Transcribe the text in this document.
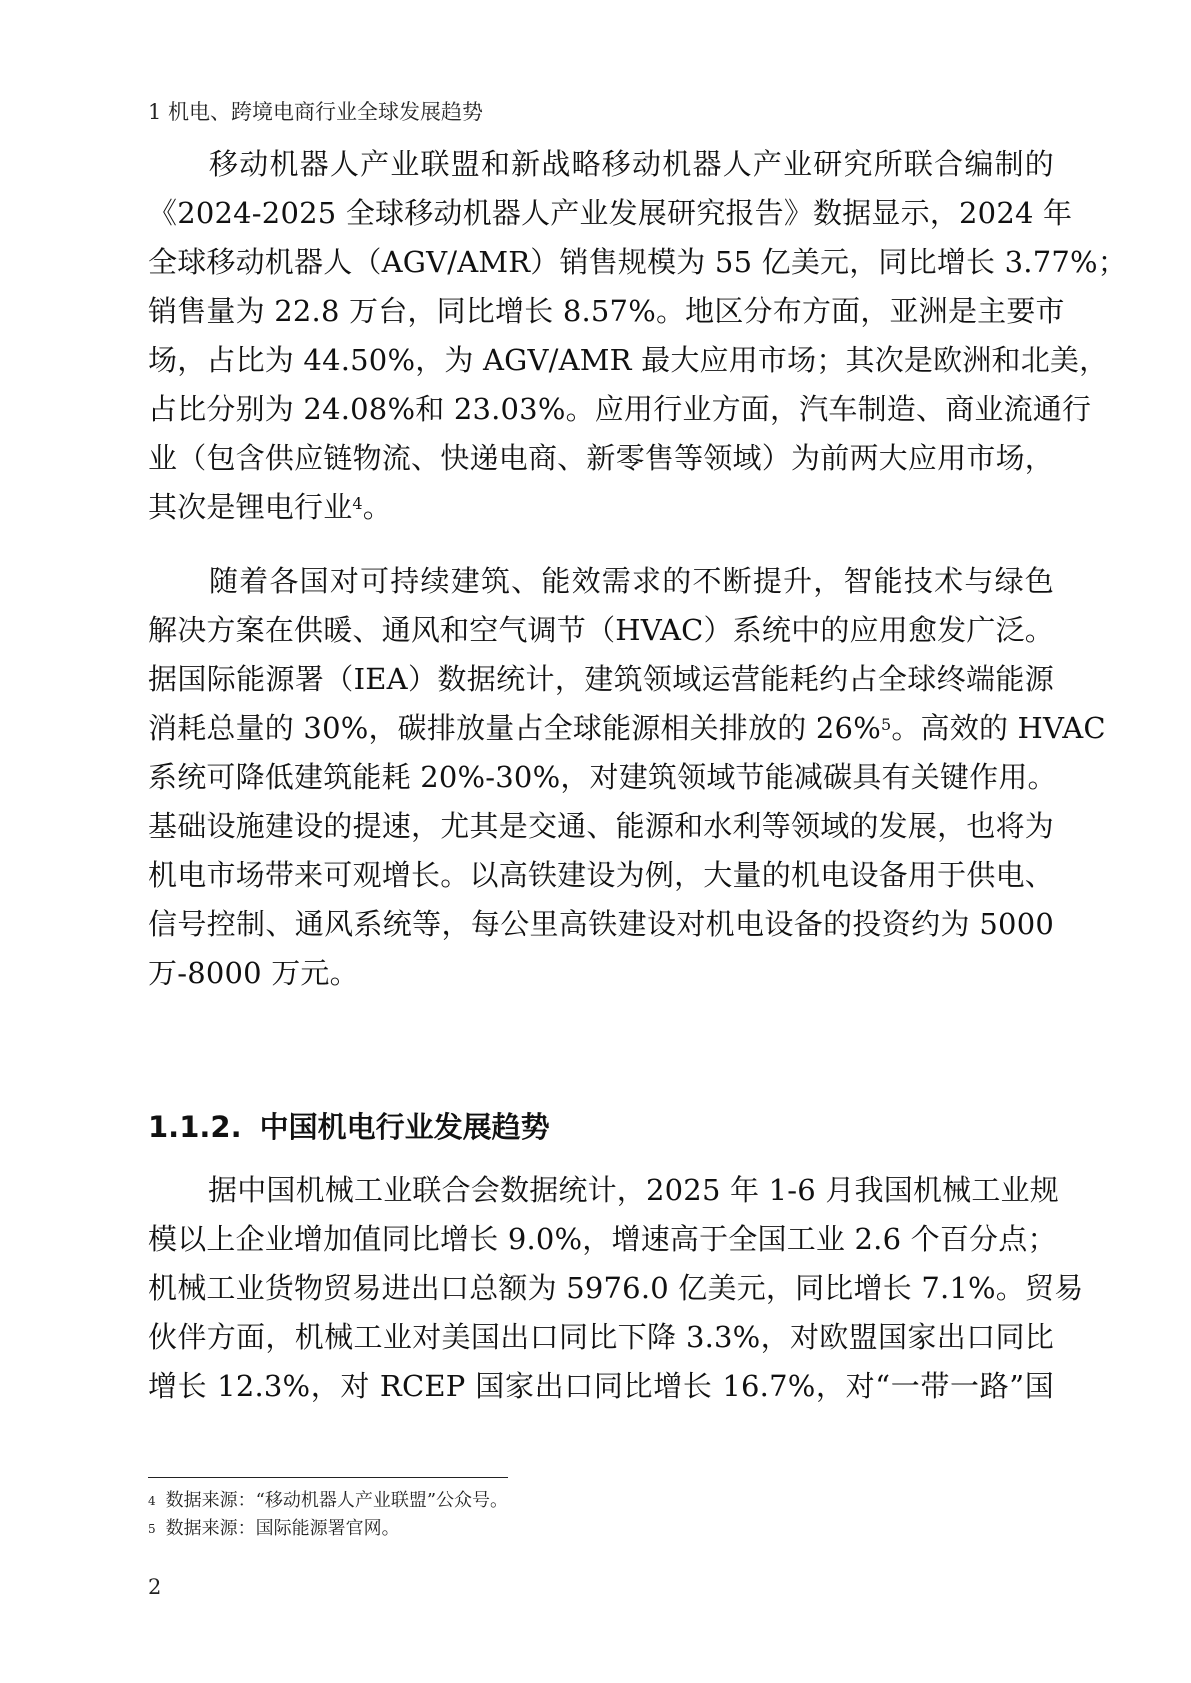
1 机电、跨境电商行业全球发展趋势
移动机器人产业联盟和新战略移动机器人产业研究所联合编制的
《2024-2025 全球移动机器人产业发展研究报告》数据显示，2024 年
全球移动机器人（AGV/AMR）销售规模为 55 亿美元，同比增长 3.77%；
销售量为 22.8 万台，同比增长 8.57%。地区分布方面，亚洲是主要市
场，占比为 44.50%，为 AGV/AMR 最大应用市场；其次是欧洲和北美，
占比分别为 24.08%和 23.03%。应用行业方面，汽车制造、商业流通行
业（包含供应链物流、快递电商、新零售等领域）为前两大应用市场，
其次是锂电行业$^4$。
随着各国对可持续建筑、能效需求的不断提升，智能技术与绿色
解决方案在供暖、通风和空气调节（HVAC）系统中的应用愈发广泛。
据国际能源署（IEA）数据统计，建筑领域运营能耗约占全球终端能源
消耗总量的 30%，碳排放量占全球能源相关排放的 26%$^5$。高效的 HVAC
系统可降低建筑能耗 20%-30%，对建筑领域节能减碳具有关键作用。
基础设施建设的提速，尤其是交通、能源和水利等领域的发展，也将为
机电市场带来可观增长。以高铁建设为例，大量的机电设备用于供电、
信号控制、通风系统等，每公里高铁建设对机电设备的投资约为 5000
万-8000 万元。
1.1.2. 中国机电行业发展趋势
据中国机械工业联合会数据统计，2025 年 1-6 月我国机械工业规
模以上企业增加值同比增长 9.0%，增速高于全国工业 2.6 个百分点；
机械工业货物贸易进出口总额为 5976.0 亿美元，同比增长 7.1%。贸易
伙伴方面，机械工业对美国出口同比下降 3.3%，对欧盟国家出口同比
增长 12.3%，对 RCEP 国家出口同比增长 16.7%，对“一带一路”国
$^4$ 数据来源：“移动机器人产业联盟”公众号。
$^5$ 数据来源：国际能源署官网。
2
